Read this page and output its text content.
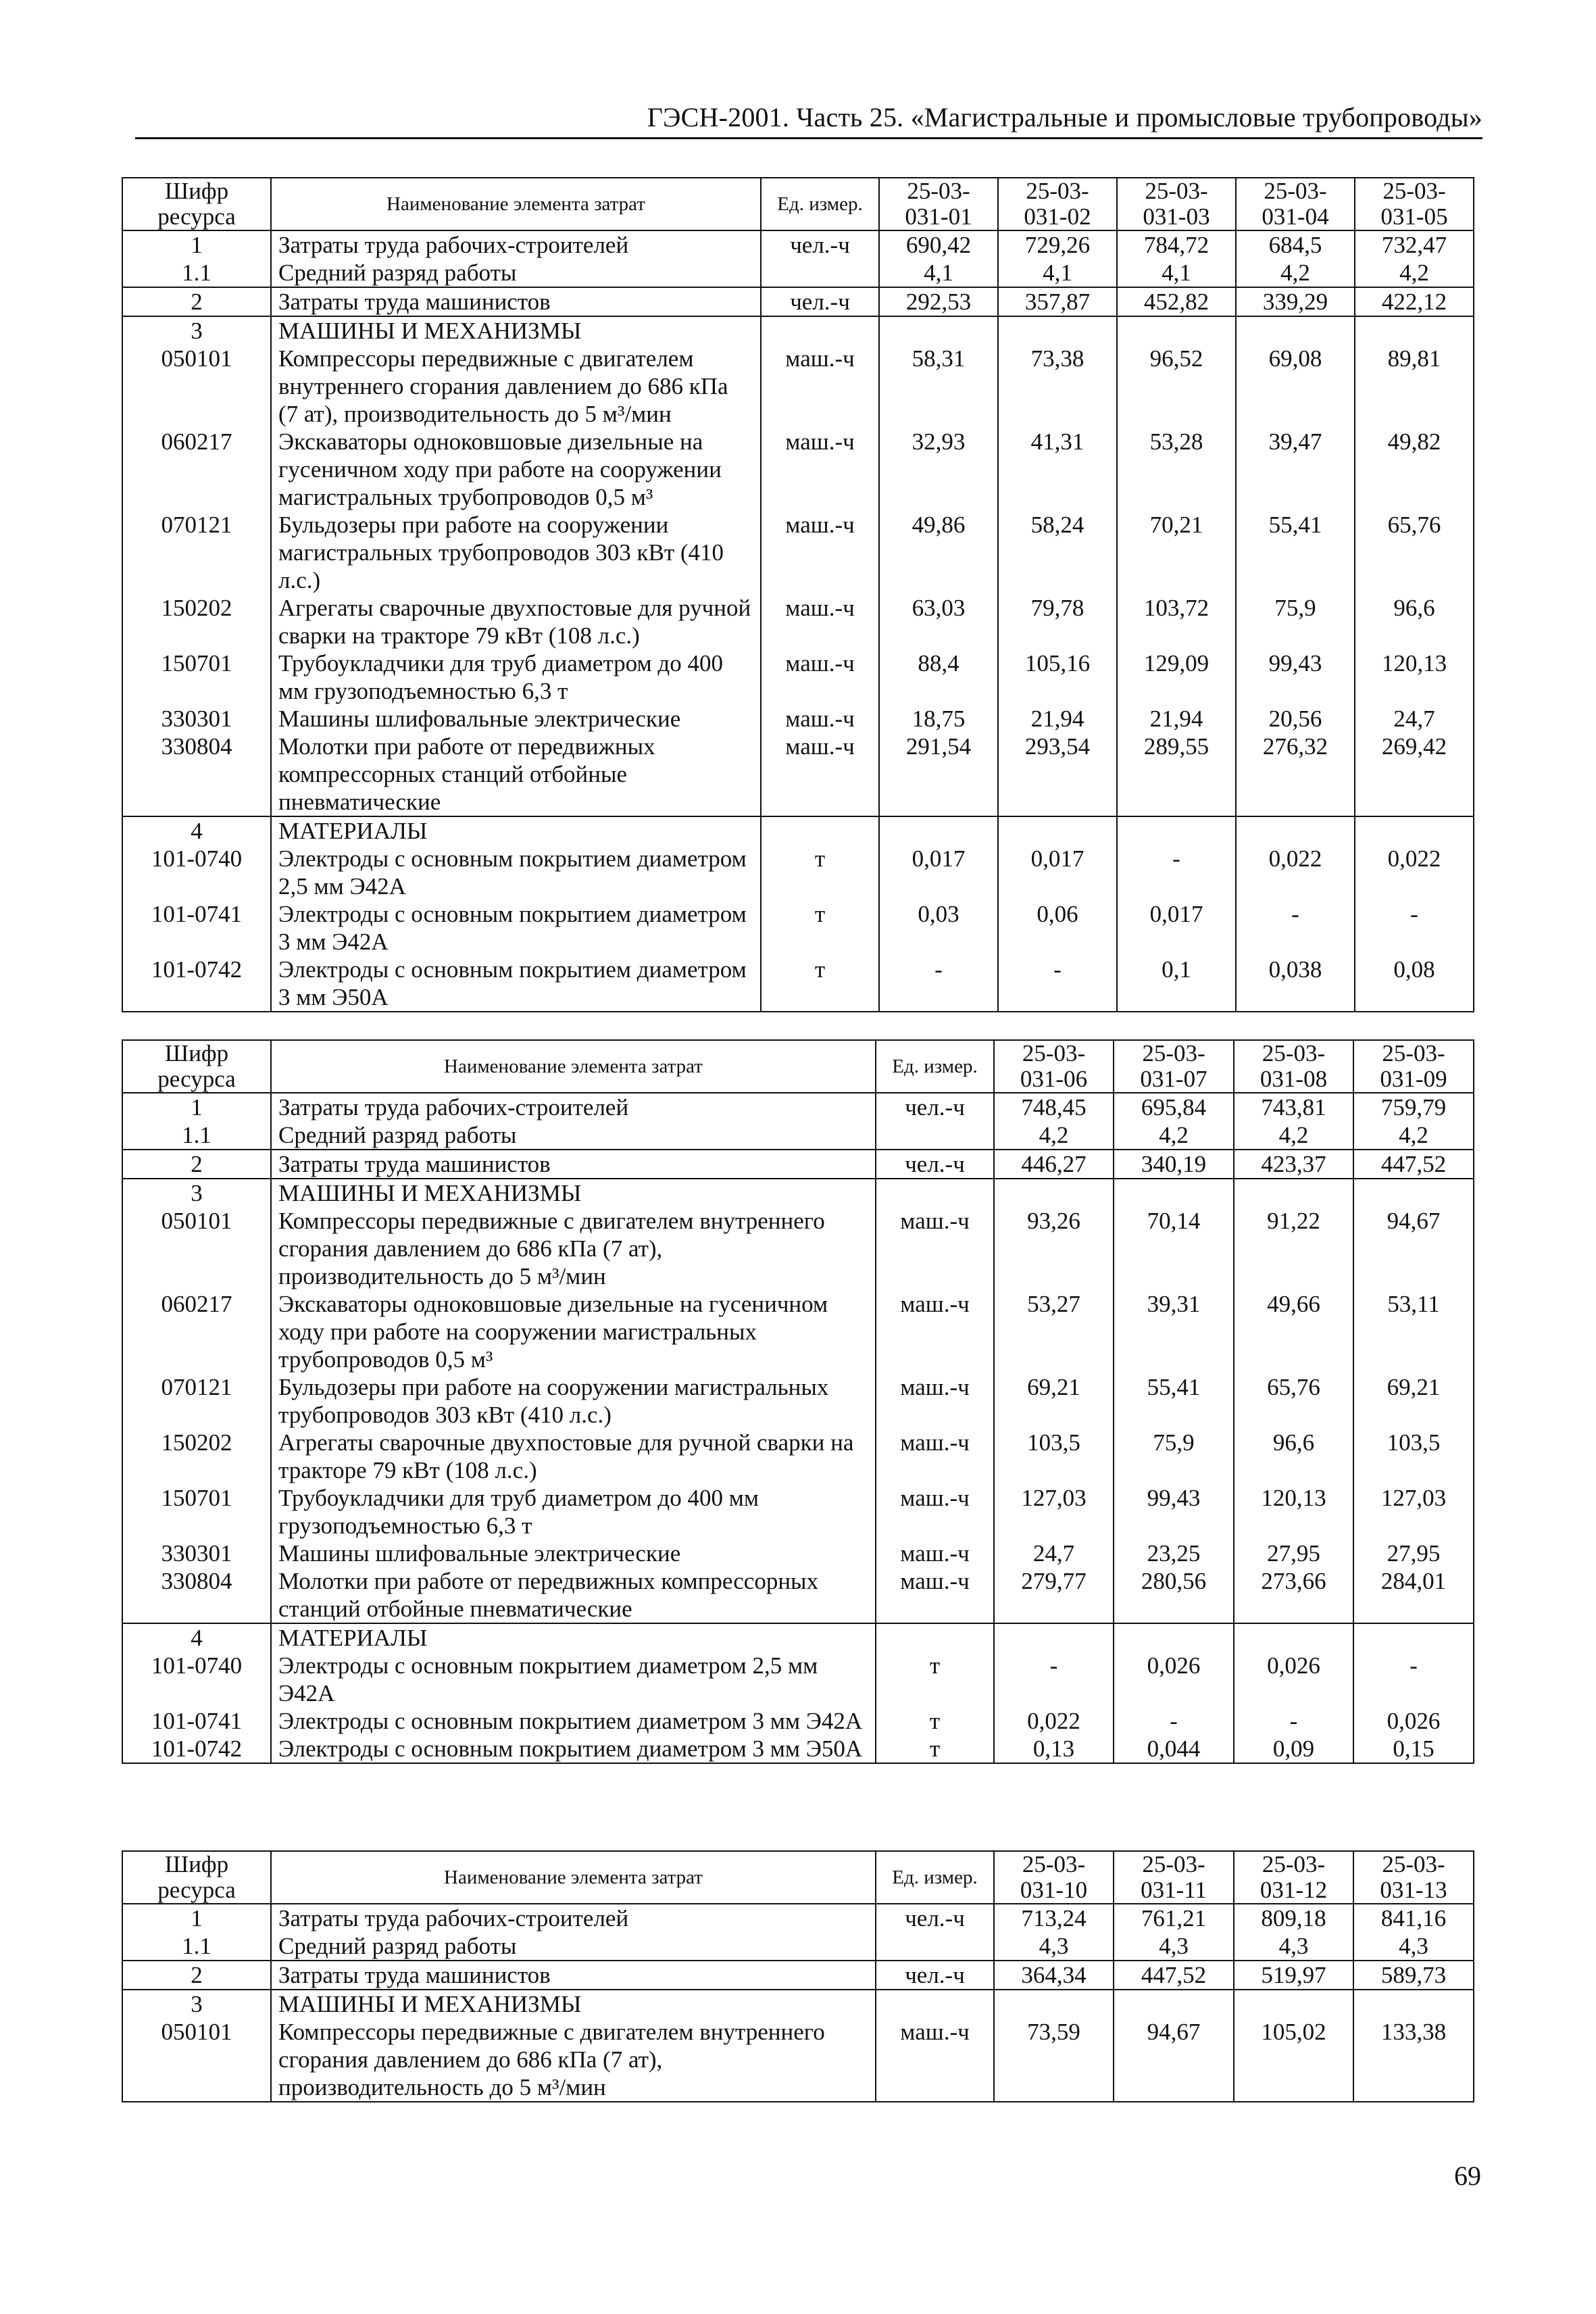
ГЭСН-2001. Часть 25. «Магистральные и промысловые трубопроводы»
Шифр ресурса	Наименование элемента затрат	Ед. измер.	25-03-031-01	25-03-031-02	25-03-031-03	25-03-031-04	25-03-031-05
1	Затраты труда рабочих-строителей	чел.-ч	690,42	729,26	784,72	684,5	732,47
1.1	Средний разряд работы		4,1	4,1	4,1	4,2	4,2
2	Затраты труда машинистов	чел.-ч	292,53	357,87	452,82	339,29	422,12
3	МАШИНЫ И МЕХАНИЗМЫ						
050101	Компрессоры передвижные с двигателем внутреннего сгорания давлением до 686 кПа (7 ат), производительность до 5 м³/мин	маш.-ч	58,31	73,38	96,52	69,08	89,81
060217	Экскаваторы одноковшовые дизельные на гусеничном ходу при работе на сооружении магистральных трубопроводов 0,5 м³	маш.-ч	32,93	41,31	53,28	39,47	49,82
070121	Бульдозеры при работе на сооружении магистральных трубопроводов 303 кВт (410 л.с.)	маш.-ч	49,86	58,24	70,21	55,41	65,76
150202	Агрегаты сварочные двухпостовые для ручной сварки на тракторе 79 кВт (108 л.с.)	маш.-ч	63,03	79,78	103,72	75,9	96,6
150701	Трубоукладчики для труб диаметром до 400 мм грузоподъемностью 6,3 т	маш.-ч	88,4	105,16	129,09	99,43	120,13
330301	Машины шлифовальные электрические	маш.-ч	18,75	21,94	21,94	20,56	24,7
330804	Молотки при работе от передвижных компрессорных станций отбойные пневматические	маш.-ч	291,54	293,54	289,55	276,32	269,42
4	МАТЕРИАЛЫ						
101-0740	Электроды с основным покрытием диаметром 2,5 мм Э42А	т	0,017	0,017	-	0,022	0,022
101-0741	Электроды с основным покрытием диаметром 3 мм Э42А	т	0,03	0,06	0,017	-	-
101-0742	Электроды с основным покрытием диаметром 3 мм Э50А	т	-	-	0,1	0,038	0,08
Шифр ресурса	Наименование элемента затрат	Ед. измер.	25-03-031-06	25-03-031-07	25-03-031-08	25-03-031-09
1	Затраты труда рабочих-строителей	чел.-ч	748,45	695,84	743,81	759,79
1.1	Средний разряд работы		4,2	4,2	4,2	4,2
2	Затраты труда машинистов	чел.-ч	446,27	340,19	423,37	447,52
3	МАШИНЫ И МЕХАНИЗМЫ					
050101	Компрессоры передвижные с двигателем внутреннего сгорания давлением до 686 кПа (7 ат), производительность до 5 м³/мин	маш.-ч	93,26	70,14	91,22	94,67
060217	Экскаваторы одноковшовые дизельные на гусеничном ходу при работе на сооружении магистральных трубопроводов 0,5 м³	маш.-ч	53,27	39,31	49,66	53,11
070121	Бульдозеры при работе на сооружении магистральных трубопроводов 303 кВт (410 л.с.)	маш.-ч	69,21	55,41	65,76	69,21
150202	Агрегаты сварочные двухпостовые для ручной сварки на тракторе 79 кВт (108 л.с.)	маш.-ч	103,5	75,9	96,6	103,5
150701	Трубоукладчики для труб диаметром до 400 мм грузоподъемностью 6,3 т	маш.-ч	127,03	99,43	120,13	127,03
330301	Машины шлифовальные электрические	маш.-ч	24,7	23,25	27,95	27,95
330804	Молотки при работе от передвижных компрессорных станций отбойные пневматические	маш.-ч	279,77	280,56	273,66	284,01
4	МАТЕРИАЛЫ					
101-0740	Электроды с основным покрытием диаметром 2,5 мм Э42А	т	-	0,026	0,026	-
101-0741	Электроды с основным покрытием диаметром 3 мм Э42А	т	0,022	-	-	0,026
101-0742	Электроды с основным покрытием диаметром 3 мм Э50А	т	0,13	0,044	0,09	0,15
Шифр ресурса	Наименование элемента затрат	Ед. измер.	25-03-031-10	25-03-031-11	25-03-031-12	25-03-031-13
1	Затраты труда рабочих-строителей	чел.-ч	713,24	761,21	809,18	841,16
1.1	Средний разряд работы		4,3	4,3	4,3	4,3
2	Затраты труда машинистов	чел.-ч	364,34	447,52	519,97	589,73
3	МАШИНЫ И МЕХАНИЗМЫ					
050101	Компрессоры передвижные с двигателем внутреннего сгорания давлением до 686 кПа (7 ат), производительность до 5 м³/мин	маш.-ч	73,59	94,67	105,02	133,38
69
